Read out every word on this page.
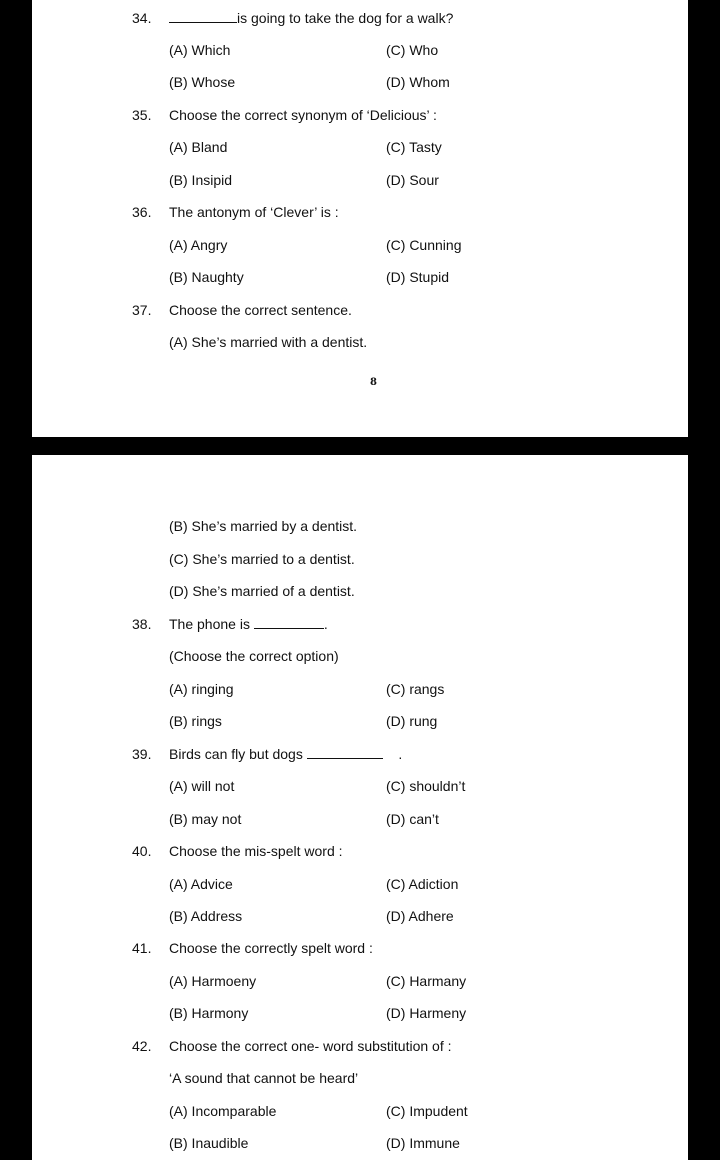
34.	is going to take the dog for a walk?
(A) Which
(B) Whose
(C) Who
(D) Whom
35. Choose the correct synonym of ‘Delicious’ :
(A) Bland
(B) Insipid
(C) Tasty
(D) Sour
36. The antonym of ‘Clever’ is :
(A) Angry
(B) Naughty
(C) Cunning
(D) Stupid
37. Choose the correct sentence.
(A) She’s married with a dentist.
8
(B) She’s married by a dentist.
(C) She’s married to a dentist.
(D) She’s married of a dentist.
38. The phone is	.
(Choose the correct option)
(A) ringing
(B) rings
(C) rangs
(D) rung
39. Birds can fly but dogs	.
(A) will not
(B) may not
(C) shouldn’t
(D) can’t
40. Choose the mis-spelt word :
(A) Advice
(B) Address
(C) Adiction
(D) Adhere
41. Choose the correctly spelt word :
(A) Harmoeny
(B) Harmony
(C) Harmany
(D) Harmeny
42. Choose the correct one- word substitution of :
‘A sound that cannot be heard’
(A) Incomparable
(B) Inaudible
(C) Impudent
(D) Immune
